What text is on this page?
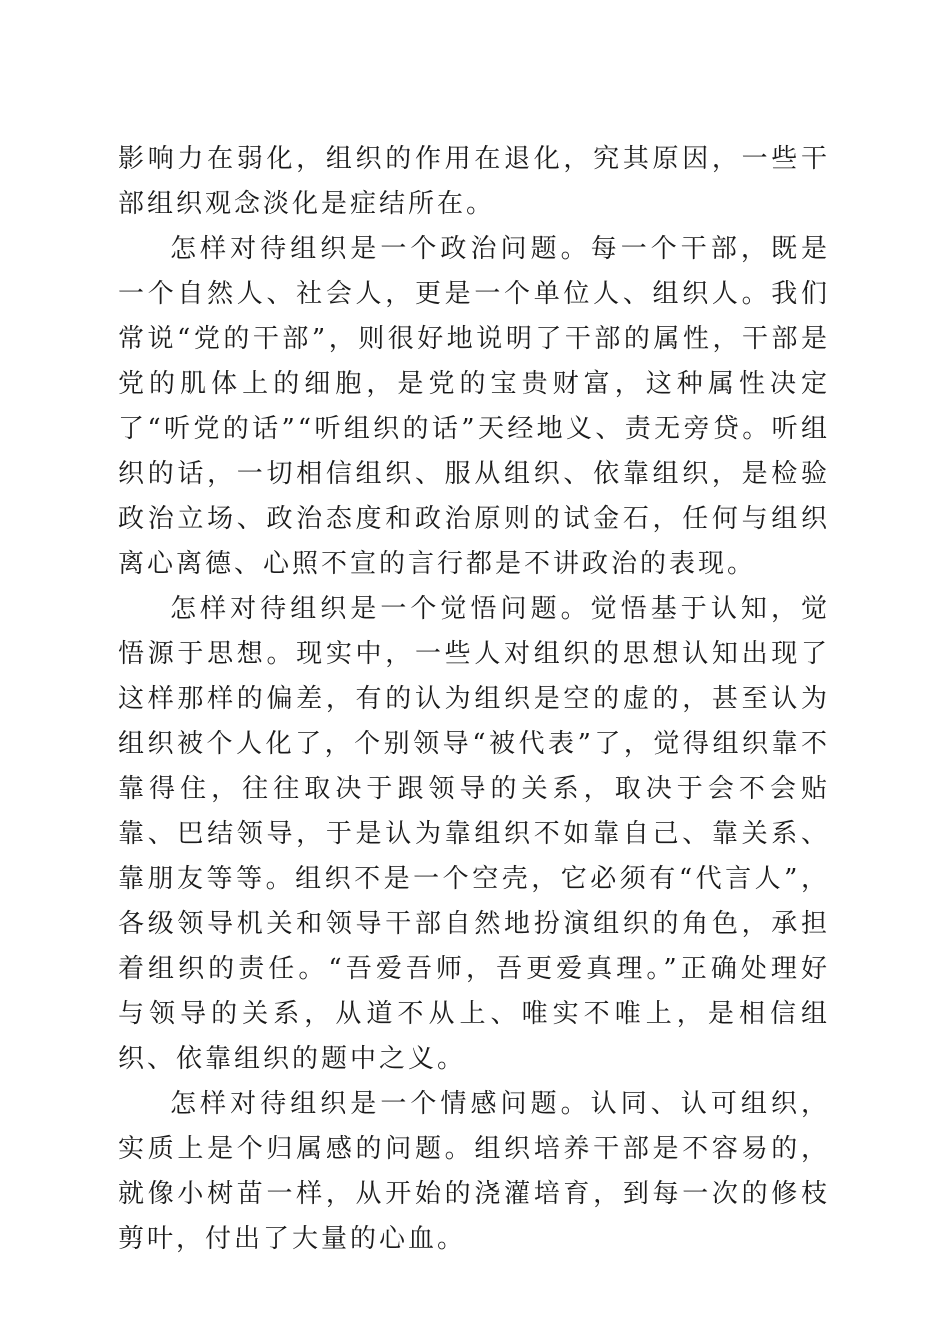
影响力在弱化，组织的作用在退化，究其原因，一些干部组织观念淡化是症结所在。

怎样对待组织是一个政治问题。每一个干部，既是一个自然人、社会人，更是一个单位人、组织人。我们常说“党的干部”，则很好地说明了干部的属性，干部是党的肌体上的细胞，是党的宝贵财富，这种属性决定了“听党的话”“听组织的话”天经地义、责无旁贷。听组织的话，一切相信组织、服从组织、依靠组织，是检验政治立场、政治态度和政治原则的试金石，任何与组织离心离德、心照不宣的言行都是不讲政治的表现。

怎样对待组织是一个觉悟问题。觉悟基于认知，觉悟源于思想。现实中，一些人对组织的思想认知出现了这样那样的偏差，有的认为组织是空的虚的，甚至认为组织被个人化了，个别领导“被代表”了，觉得组织靠不靠得住，往往取决于跟领导的关系，取决于会不会贴靠、巴结领导，于是认为靠组织不如靠自己、靠关系、靠朋友等等。组织不是一个空壳，它必须有“代言人”，各级领导机关和领导干部自然地扮演组织的角色，承担着组织的责任。“吾爱吾师，吾更爱真理。”正确处理好与领导的关系，从道不从上、唯实不唯上，是相信组织、依靠组织的题中之义。

怎样对待组织是一个情感问题。认同、认可组织，实质上是个归属感的问题。组织培养干部是不容易的，就像小树苗一样，从开始的浇灌培育，到每一次的修枝剪叶，付出了大量的心血。
